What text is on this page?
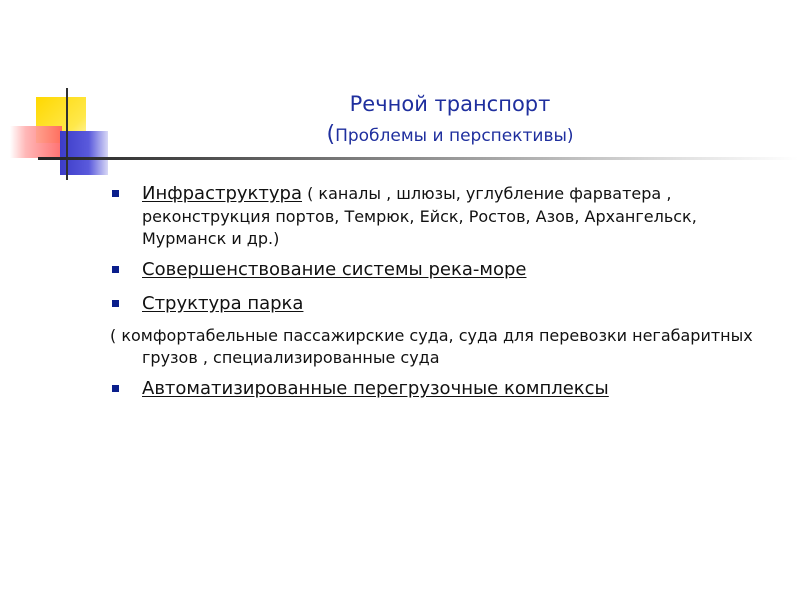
Речной транспорт
(Проблемы и перспективы)
Инфраструктура ( каналы , шлюзы, углубление фарватера , реконструкция портов, Темрюк, Ейск, Ростов, Азов, Архангельск, Мурманск и др.)
Совершенствование системы река-море
Структура парка
( комфортабельные пассажирские суда, суда для перевозки негабаритных грузов , специализированные суда
Автоматизированные перегрузочные комплексы
